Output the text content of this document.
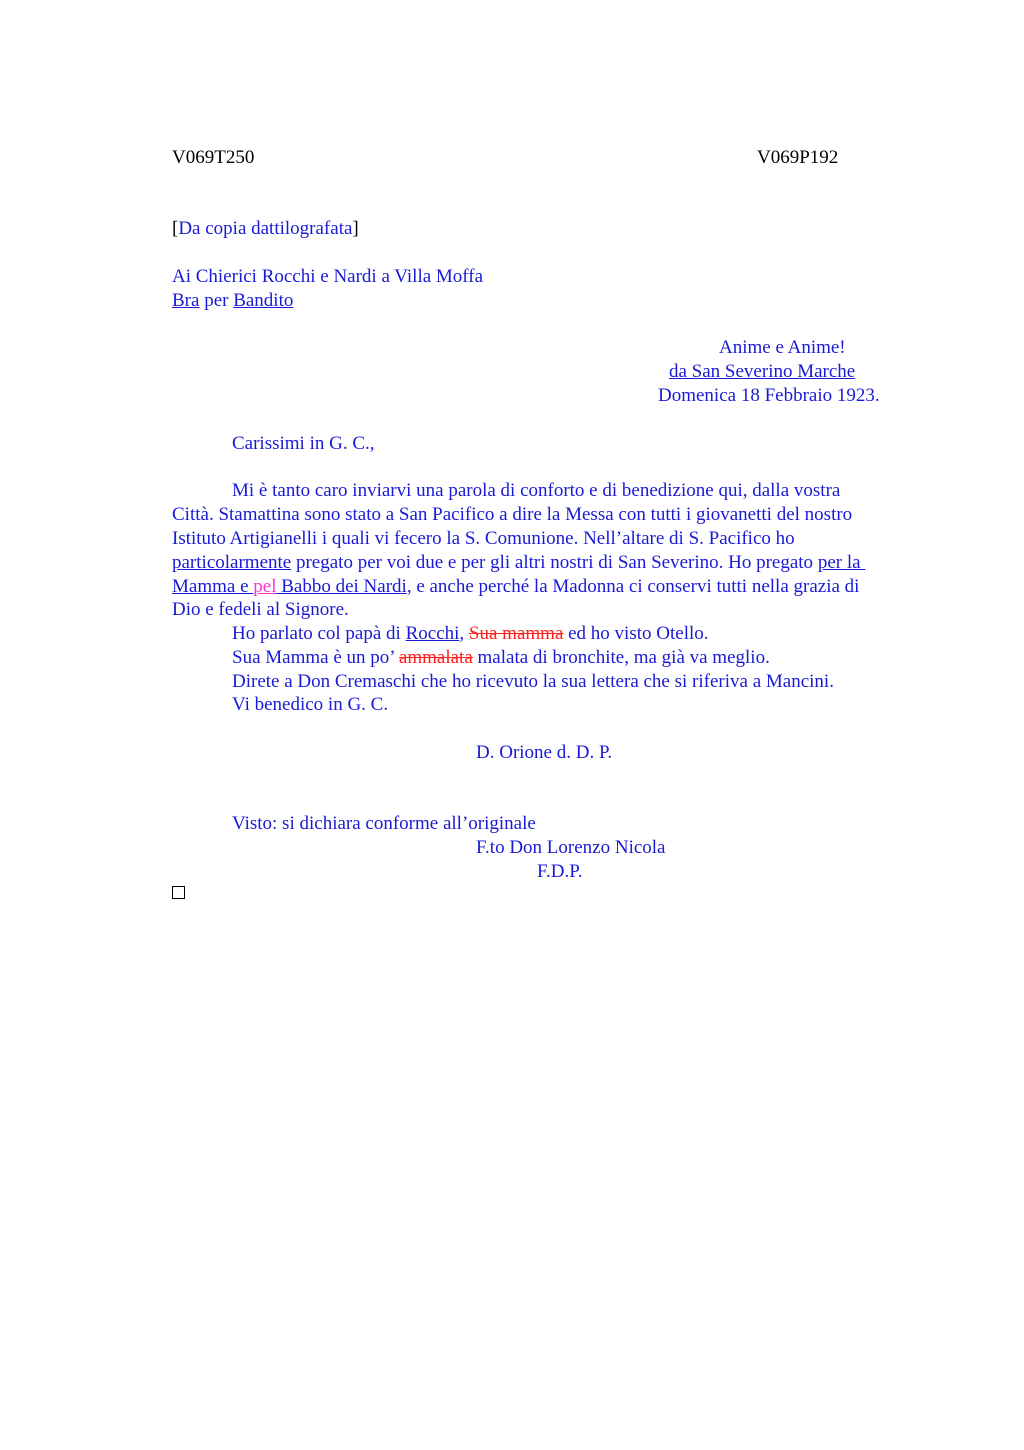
V069T250	V069P192
[Da copia dattilografata]
Ai Chierici Rocchi e Nardi a Villa Moffa
Bra per Bandito
Anime e Anime!
da San Severino Marche
Domenica 18 Febbraio 1923.
Carissimi in G. C.,
Mi è tanto caro inviarvi una parola di conforto e di benedizione qui, dalla vostra
Città. Stamattina sono stato a San Pacifico a dire la Messa con tutti i giovanetti del nostro
Istituto Artigianelli i quali vi fecero la S. Comunione. Nell’altare di S. Pacifico ho
particolarmente pregato per voi due e per gli altri nostri di San Severino. Ho pregato per la
Mamma e pel Babbo dei Nardi, e anche perché la Madonna ci conservi tutti nella grazia di
Dio e fedeli al Signore.
Ho parlato col papà di Rocchi, Sua mamma ed ho visto Otello.
Sua Mamma è un po’ ammalata malata di bronchite, ma già va meglio.
Direte a Don Cremaschi che ho ricevuto la sua lettera che si riferiva a Mancini.
Vi benedico in G. C.
D. Orione d. D. P.
Visto: si dichiara conforme all’originale
F.to Don Lorenzo Nicola
F.D.P.
